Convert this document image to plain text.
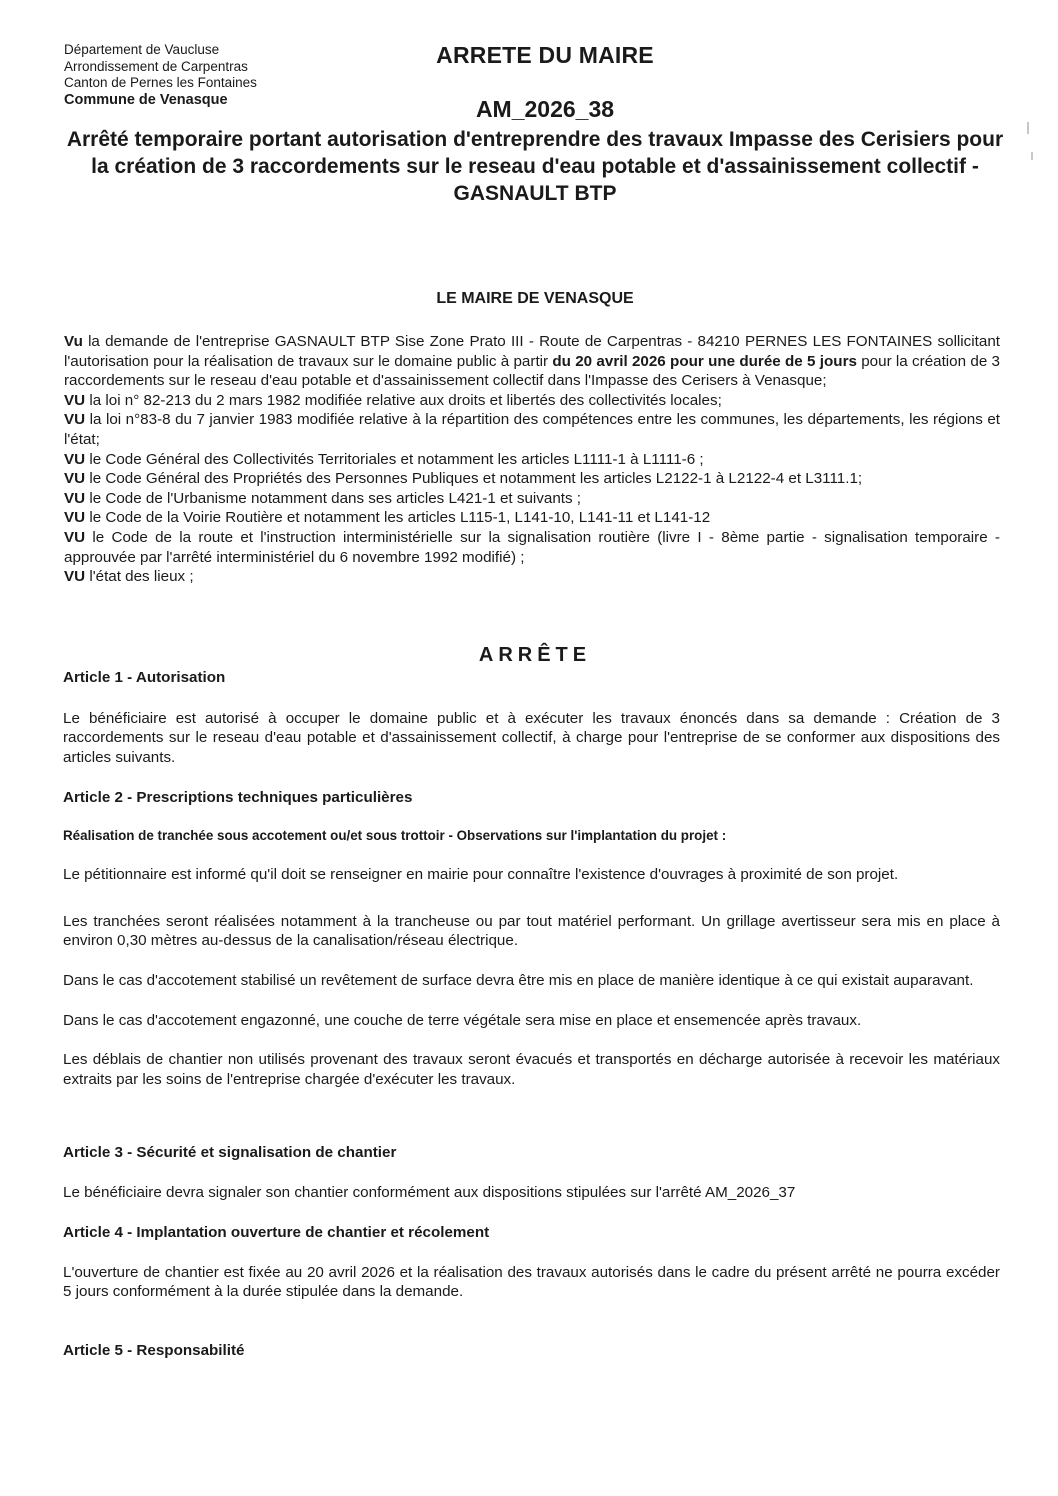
Département de Vaucluse
Arrondissement de Carpentras
Canton de Pernes les Fontaines
Commune de Venasque
ARRETE DU MAIRE
AM_2026_38
Arrêté temporaire portant autorisation d'entreprendre des travaux Impasse des Cerisiers pour la création de 3 raccordements sur le reseau d'eau potable et d'assainissement collectif - GASNAULT BTP
LE MAIRE DE VENASQUE

Vu la demande de l'entreprise GASNAULT BTP Sise Zone Prato III - Route de Carpentras - 84210 PERNES LES FONTAINES sollicitant l'autorisation pour la réalisation de travaux sur le domaine public à partir du 20 avril 2026 pour une durée de 5 jours pour la création de 3 raccordements sur le reseau d'eau potable et d'assainissement collectif dans l'Impasse des Cerisers à Venasque;

VU la loi n° 82-213 du 2 mars 1982 modifiée relative aux droits et libertés des collectivités locales;

VU la loi n°83-8 du 7 janvier 1983 modifiée relative à la répartition des compétences entre les communes, les départements, les régions et l'état;

VU le Code Général des Collectivités Territoriales et notamment les articles L1111-1 à L1111-6 ;

VU le Code Général des Propriétés des Personnes Publiques et notamment les articles L2122-1 à L2122-4 et L3111.1;

VU le Code de l'Urbanisme notamment dans ses articles L421-1 et suivants ;

VU le Code de la Voirie Routière et notamment les articles L115-1, L141-10, L141-11 et L141-12

VU le Code de la route et l'instruction interministérielle sur la signalisation routière (livre I - 8ème partie - signalisation temporaire - approuvée par l'arrêté interministériel du 6 novembre 1992 modifié) ;

VU l'état des lieux ;

ARRÊTE
Article 1 - Autorisation

Le bénéficiaire est autorisé à occuper le domaine public et à exécuter les travaux énoncés dans sa demande : Création de 3 raccordements sur le reseau d'eau potable et d'assainissement collectif, à charge pour l'entreprise de se conformer aux dispositions des articles suivants.

Article 2 - Prescriptions techniques particulières
Réalisation de tranchée sous accotement ou/et sous trottoir - Observations sur l'implantation du projet :

Le pétitionnaire est informé qu'il doit se renseigner en mairie pour connaître l'existence d'ouvrages à proximité de son projet.

Les tranchées seront réalisées notamment à la trancheuse ou par tout matériel performant. Un grillage avertisseur sera mis en place à environ 0,30 mètres au-dessus de la canalisation/réseau électrique.

Dans le cas d'accotement stabilisé un revêtement de surface devra être mis en place de manière identique à ce qui existait auparavant.

Dans le cas d'accotement engazonné, une couche de terre végétale sera mise en place et ensemencée après travaux.

Les déblais de chantier non utilisés provenant des travaux seront évacués et transportés en décharge autorisée à recevoir les matériaux extraits par les soins de l'entreprise chargée d'exécuter les travaux.

Article 3 - Sécurité et signalisation de chantier

Le bénéficiaire devra signaler son chantier conformément aux dispositions stipulées sur l'arrêté AM_2026_37

Article 4 - Implantation ouverture de chantier et récolement

L'ouverture de chantier est fixée au 20 avril 2026 et la réalisation des travaux autorisés dans le cadre du présent arrêté ne pourra excéder 5 jours conformément à la durée stipulée dans la demande.

Article 5 - Responsabilité
